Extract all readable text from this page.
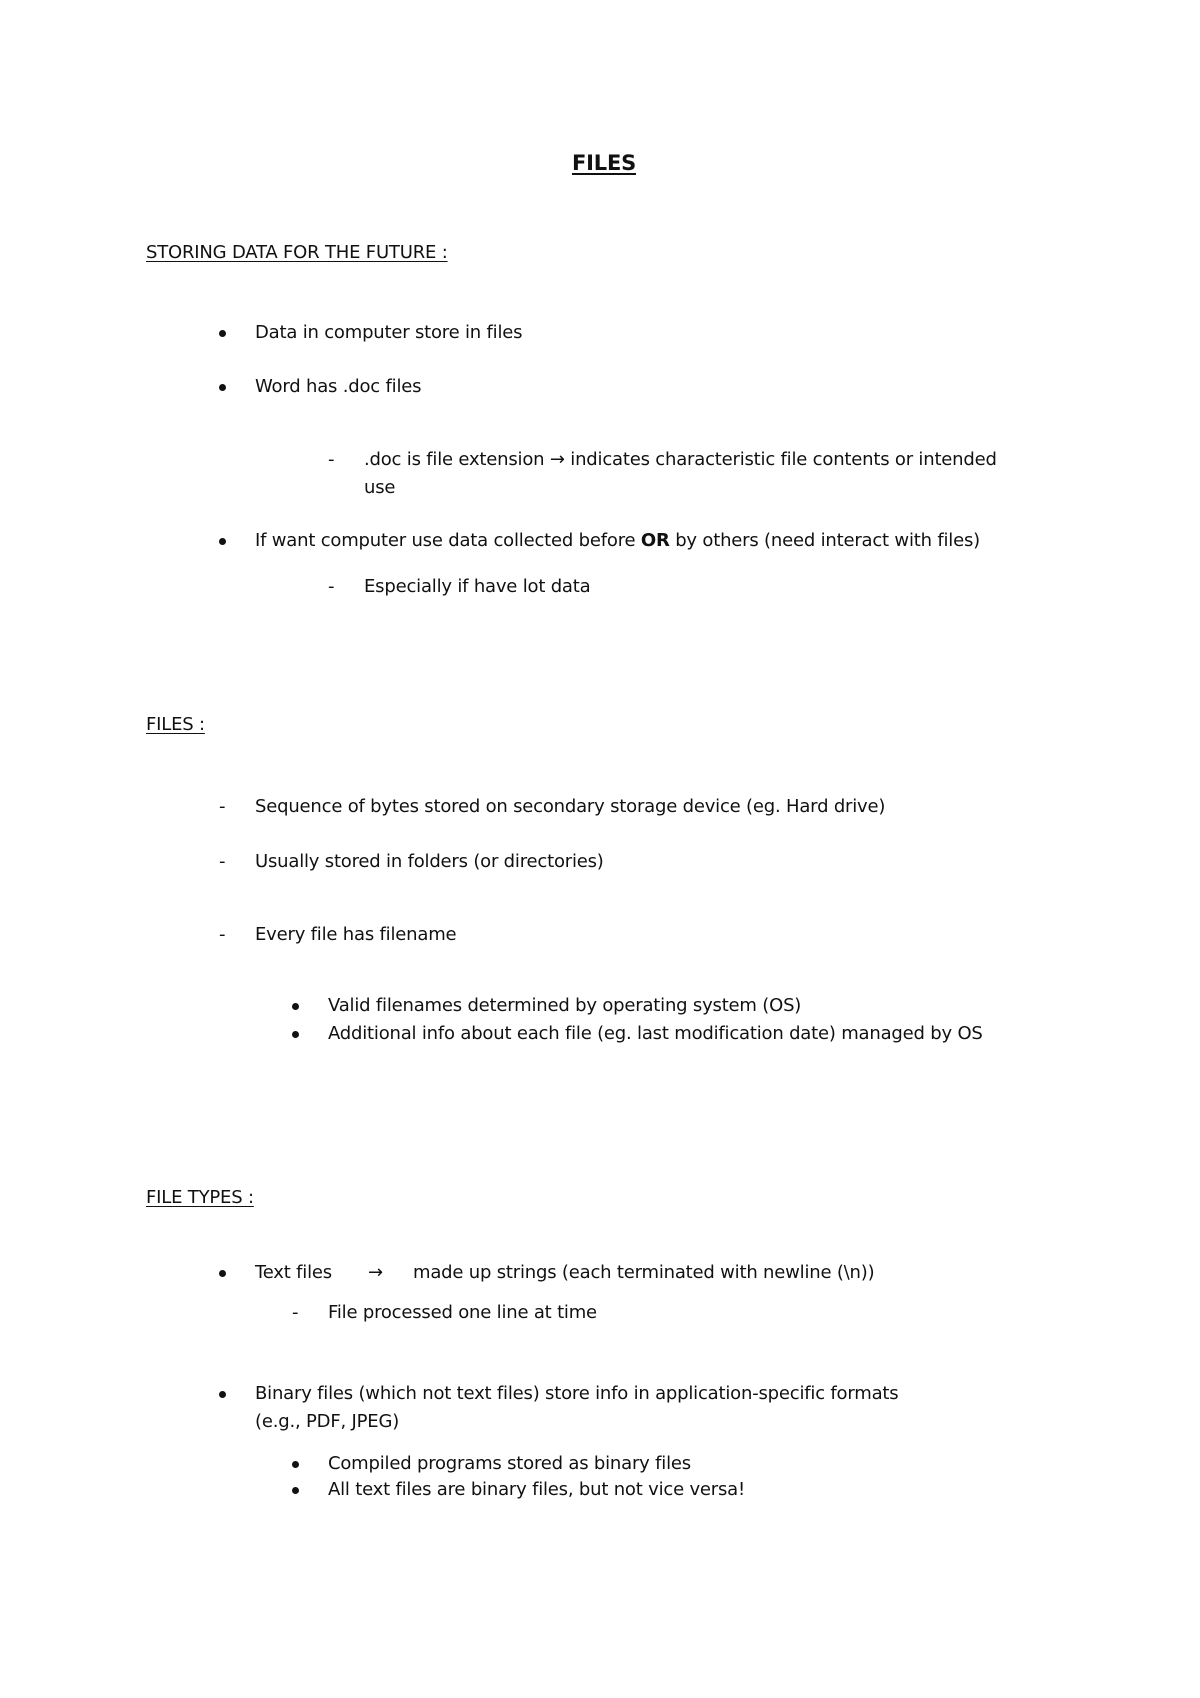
FILES
STORING DATA FOR THE FUTURE :
Data in computer store in files
Word has .doc files
- .doc is file extension → indicates characteristic file contents or intended
use
If want computer use data collected before OR by others (need interact with files)
- Especially if have lot data
FILES :
- Sequence of bytes stored on secondary storage device (eg. Hard drive)
- Usually stored in folders (or directories)
- Every file has filename
Valid filenames determined by operating system (OS)
Additional info about each file (eg. last modification date) managed by OS
FILE TYPES :
Text files → made up strings (each terminated with newline (\n))
- File processed one line at time
Binary files (which not text files) store info in application-specific formats
(e.g., PDF, JPEG)
Compiled programs stored as binary files
All text files are binary files, but not vice versa!
